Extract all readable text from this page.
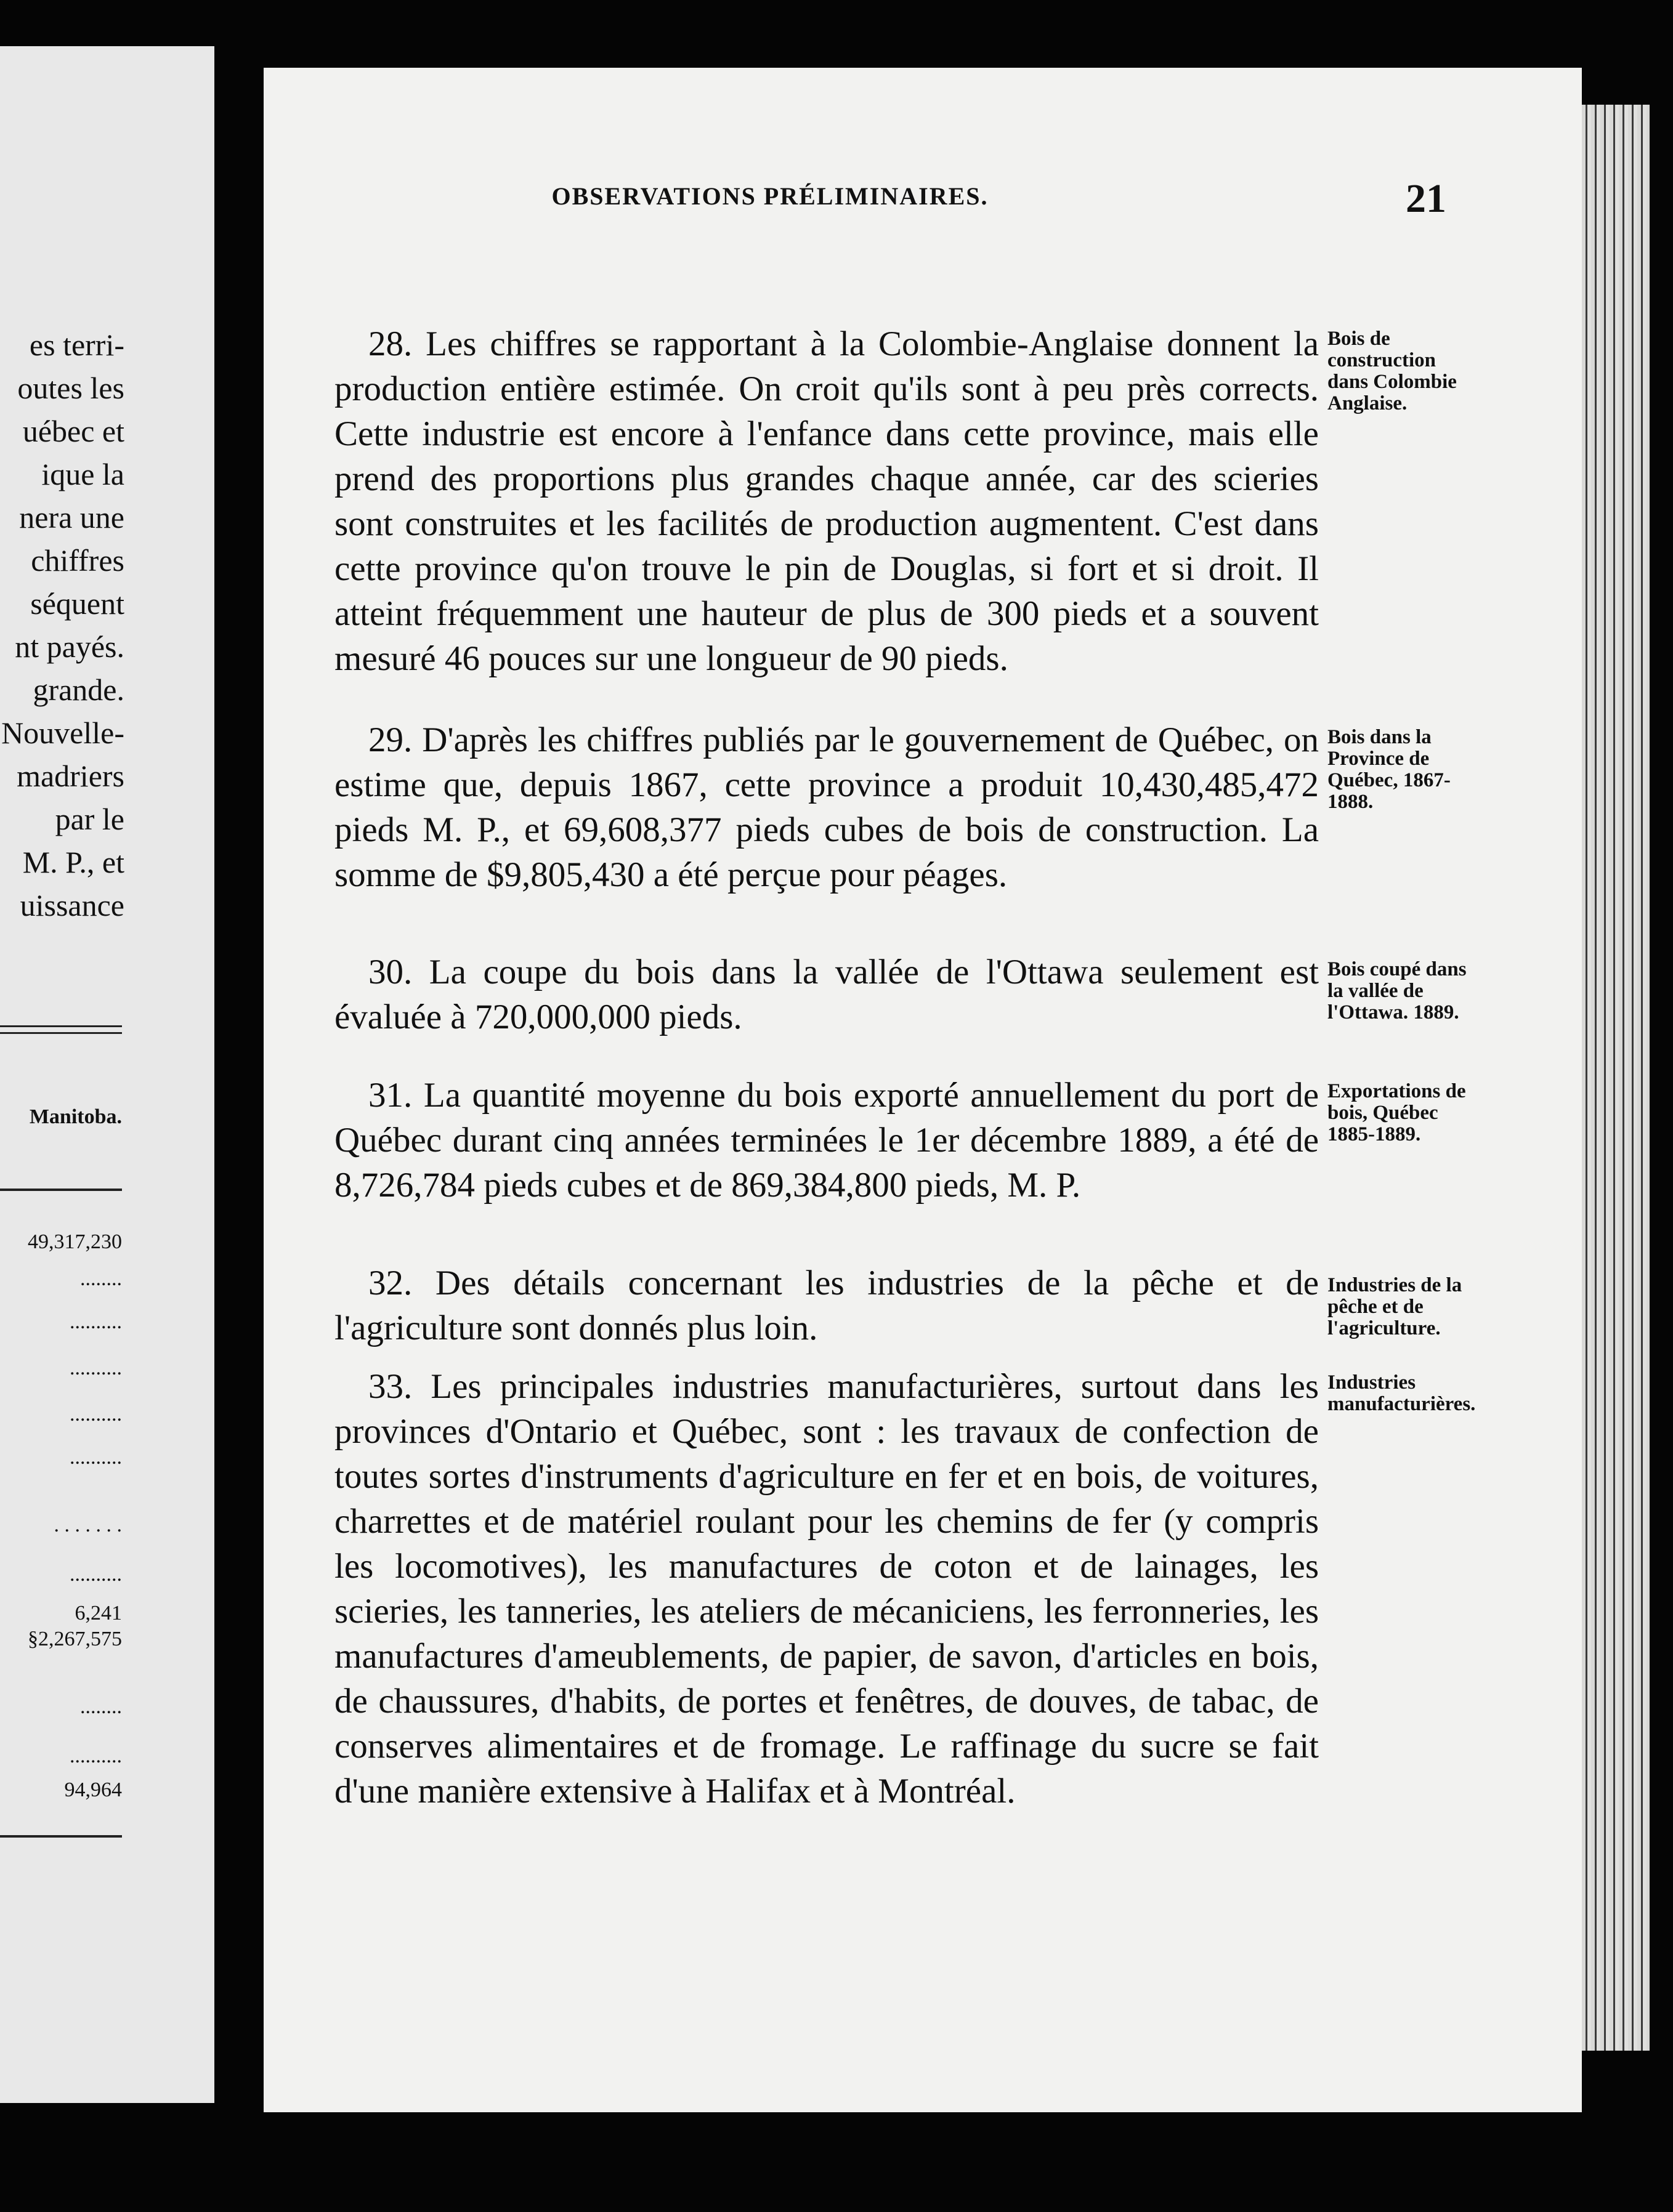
es terri-
outes les
uébec et
ique la
nera une
chiffres
séquent
nt payés.
grande.
Nouvelle-
madriers
par le
M. P., et
uissance
Manitoba.
49,317,230
........
..........
..........
..........
..........
. . . . . . .
..........
6,241
§2,267,575
........
..........
94,964
OBSERVATIONS PRÉLIMINAIRES.	21
28. Les chiffres se rapportant à la Colombie-Anglaise donnent la production entière estimée. On croit qu'ils sont à peu près corrects. Cette industrie est encore à l'enfance dans cette province, mais elle prend des proportions plus grandes chaque année, car des scieries sont construites et les facilités de production augmentent. C'est dans cette province qu'on trouve le pin de Douglas, si fort et si droit. Il atteint fréquemment une hauteur de plus de 300 pieds et a souvent mesuré 46 pouces sur une longueur de 90 pieds.
Bois de construction dans Colombie Anglaise.
29. D'après les chiffres publiés par le gouvernement de Québec, on estime que, depuis 1867, cette province a produit 10,430,485,472 pieds M. P., et 69,608,377 pieds cubes de bois de construction. La somme de $9,805,430 a été perçue pour péages.
Bois dans la Province de Québec, 1867-1888.
30. La coupe du bois dans la vallée de l'Ottawa seulement est évaluée à 720,000,000 pieds.
Bois coupé dans la vallée de l'Ottawa. 1889.
31. La quantité moyenne du bois exporté annuellement du port de Québec durant cinq années terminées le 1er décembre 1889, a été de 8,726,784 pieds cubes et de 869,384,800 pieds, M. P.
Exportations de bois, Québec 1885-1889.
32. Des détails concernant les industries de la pêche et de l'agriculture sont donnés plus loin.
Industries de la pêche et de l'agriculture.
33. Les principales industries manufacturières, surtout dans les provinces d'Ontario et Québec, sont : les travaux de confection de toutes sortes d'instruments d'agriculture en fer et en bois, de voitures, charrettes et de matériel roulant pour les chemins de fer (y compris les locomotives), les manufactures de coton et de lainages, les scieries, les tanneries, les ateliers de mécaniciens, les ferronneries, les manufactures d'ameublements, de papier, de savon, d'articles en bois, de chaussures, d'habits, de portes et fenêtres, de douves, de tabac, de conserves alimentaires et de fromage. Le raffinage du sucre se fait d'une manière extensive à Halifax et à Montréal.
Industries manufacturières.
